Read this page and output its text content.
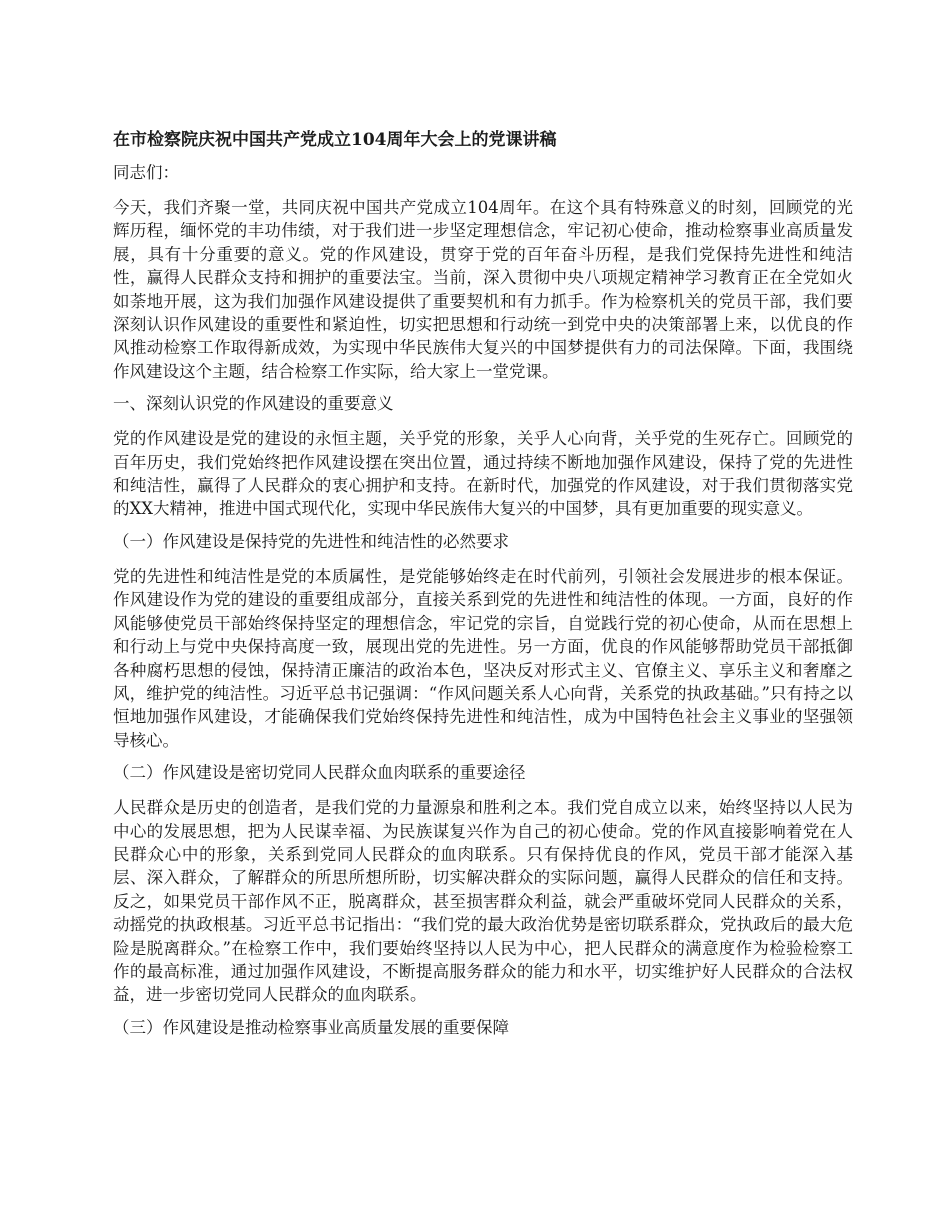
在市检察院庆祝中国共产党成立104周年大会上的党课讲稿
同志们：
今天，我们齐聚一堂，共同庆祝中国共产党成立104周年。在这个具有特殊意义的时刻，回顾党的光辉历程，缅怀党的丰功伟绩，对于我们进一步坚定理想信念，牢记初心使命，推动检察事业高质量发展，具有十分重要的意义。党的作风建设，贯穿于党的百年奋斗历程，是我们党保持先进性和纯洁性，赢得人民群众支持和拥护的重要法宝。当前，深入贯彻中央八项规定精神学习教育正在全党如火如荼地开展，这为我们加强作风建设提供了重要契机和有力抓手。作为检察机关的党员干部，我们要深刻认识作风建设的重要性和紧迫性，切实把思想和行动统一到党中央的决策部署上来，以优良的作风推动检察工作取得新成效，为实现中华民族伟大复兴的中国梦提供有力的司法保障。下面，我围绕作风建设这个主题，结合检察工作实际，给大家上一堂党课。
一、深刻认识党的作风建设的重要意义
党的作风建设是党的建设的永恒主题，关乎党的形象，关乎人心向背，关乎党的生死存亡。回顾党的百年历史，我们党始终把作风建设摆在突出位置，通过持续不断地加强作风建设，保持了党的先进性和纯洁性，赢得了人民群众的衷心拥护和支持。在新时代，加强党的作风建设，对于我们贯彻落实党的XX大精神，推进中国式现代化，实现中华民族伟大复兴的中国梦，具有更加重要的现实意义。
（一）作风建设是保持党的先进性和纯洁性的必然要求
党的先进性和纯洁性是党的本质属性，是党能够始终走在时代前列，引领社会发展进步的根本保证。作风建设作为党的建设的重要组成部分，直接关系到党的先进性和纯洁性的体现。一方面，良好的作风能够使党员干部始终保持坚定的理想信念，牢记党的宗旨，自觉践行党的初心使命，从而在思想上和行动上与党中央保持高度一致，展现出党的先进性。另一方面，优良的作风能够帮助党员干部抵御各种腐朽思想的侵蚀，保持清正廉洁的政治本色，坚决反对形式主义、官僚主义、享乐主义和奢靡之风，维护党的纯洁性。习近平总书记强调：“作风问题关系人心向背，关系党的执政基础。”只有持之以恒地加强作风建设，才能确保我们党始终保持先进性和纯洁性，成为中国特色社会主义事业的坚强领导核心。
（二）作风建设是密切党同人民群众血肉联系的重要途径
人民群众是历史的创造者，是我们党的力量源泉和胜利之本。我们党自成立以来，始终坚持以人民为中心的发展思想，把为人民谋幸福、为民族谋复兴作为自己的初心使命。党的作风直接影响着党在人民群众心中的形象，关系到党同人民群众的血肉联系。只有保持优良的作风，党员干部才能深入基层、深入群众，了解群众的所思所想所盼，切实解决群众的实际问题，赢得人民群众的信任和支持。反之，如果党员干部作风不正，脱离群众，甚至损害群众利益，就会严重破坏党同人民群众的关系，动摇党的执政根基。习近平总书记指出：“我们党的最大政治优势是密切联系群众，党执政后的最大危险是脱离群众。”在检察工作中，我们要始终坚持以人民为中心，把人民群众的满意度作为检验检察工作的最高标准，通过加强作风建设，不断提高服务群众的能力和水平，切实维护好人民群众的合法权益，进一步密切党同人民群众的血肉联系。
（三）作风建设是推动检察事业高质量发展的重要保障
